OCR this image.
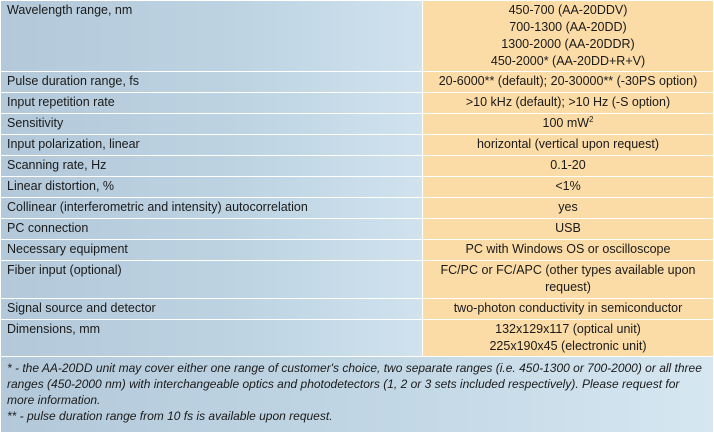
Wavelength range, nm	450-700 (AA-20DDV)
700-1300 (AA-20DD)
1300-2000 (AA-20DDR)
450-2000* (AA-20DD+R+V)
Pulse duration range, fs	20-6000** (default); 20-30000** (-30PS option)
Input repetition rate	>10 kHz (default); >10 Hz (-S option)
Sensitivity	100 $mW^2$
Input polarization, linear	horizontal (vertical upon request)
Scanning rate, Hz	0.1-20
Linear distortion, %	<1%
Collinear (interferometric and intensity) autocorrelation	yes
PC connection	USB
Necessary equipment	PC with Windows OS or oscilloscope
Fiber input (optional)	FC/PC or FC/APC (other types available upon
request)
Signal source and detector	two-photon conductivity in semiconductor
Dimensions, mm	132x129x117 (optical unit)
225x190x45 (electronic unit)

* - the AA-20DD unit may cover either one range of customer's choice, two separate ranges (i.e. 450-1300 or 700-2000) or all three ranges (450-2000 nm) with interchangeable optics and photodetectors (1, 2 or 3 sets included respectively). Please request for more information.

** - pulse duration range from 10 fs is available upon request.
